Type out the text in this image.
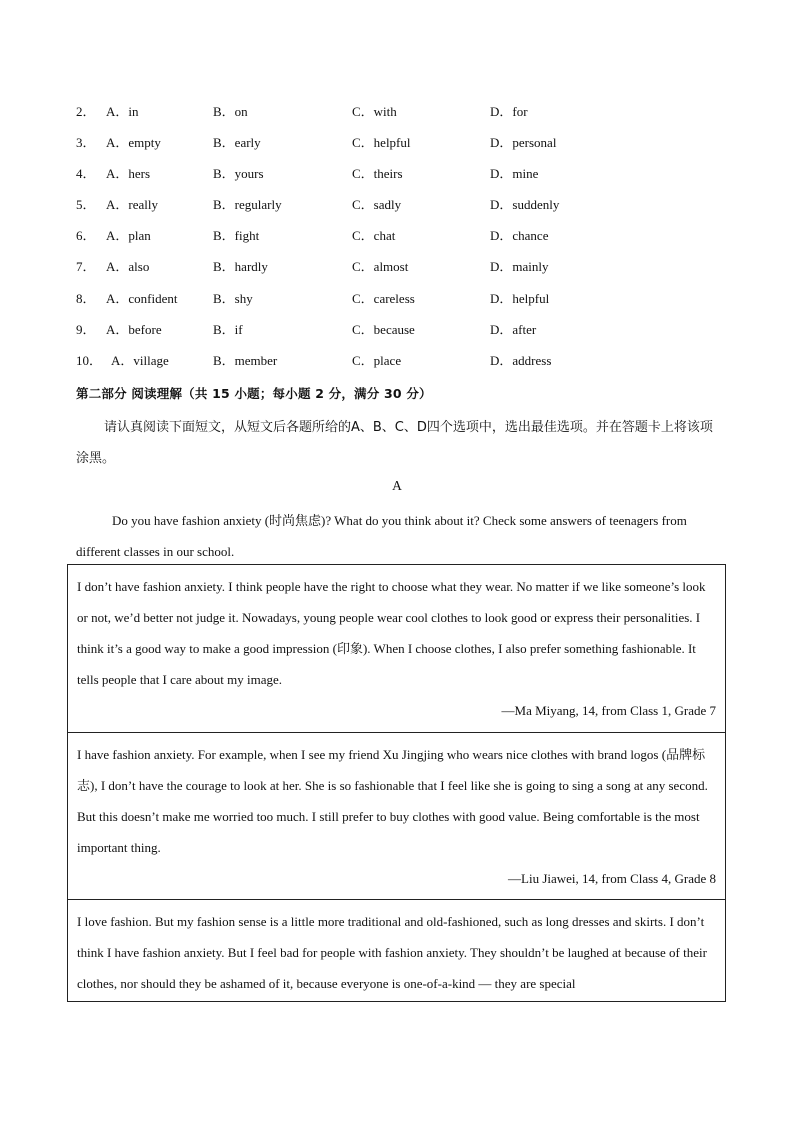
2． A．in	B．on	C．with	D．for
3． A．empty	B．early	C．helpful	D．personal
4． A．hers	B．yours	C．theirs	D．mine
5． A．really	B．regularly	C．sadly	D．suddenly
6． A．plan	B．fight	C．chat	D．chance
7． A．also	B．hardly	C．almost	D．mainly
8． A．confident	B．shy	C．careless	D．helpful
9． A．before	B．if	C．because	D．after
10． A．village	B．member	C．place	D．address
第二部分 阅读理解（共 15 小题；每小题 2 分，满分 30 分）
请认真阅读下面短文，从短文后各题所给的A、B、C、D四个选项中，选出最佳选项。并在答题卡上将该项涂黑。
A
Do you have fashion anxiety (时尚焦虑)? What do you think about it? Check some answers of teenagers from different classes in our school.
I don’t have fashion anxiety. I think people have the right to choose what they wear. No matter if we like someone’s look or not, we’d better not judge it. Nowadays, young people wear cool clothes to look good or express their personalities. I think it’s a good way to make a good impression (印象). When I choose clothes, I also prefer something fashionable. It tells people that I care about my image.
—Ma Miyang, 14, from Class 1, Grade 7
I have fashion anxiety. For example, when I see my friend Xu Jingjing who wears nice clothes with brand logos (品牌标志), I don’t have the courage to look at her. She is so fashionable that I feel like she is going to sing a song at any second. But this doesn’t make me worried too much. I still prefer to buy clothes with good value. Being comfortable is the most important thing.
—Liu Jiawei, 14, from Class 4, Grade 8
I love fashion. But my fashion sense is a little more traditional and old-fashioned, such as long dresses and skirts. I don’t think I have fashion anxiety. But I feel bad for people with fashion anxiety. They shouldn’t be laughed at because of their clothes, nor should they be ashamed of it, because everyone is one-of-a-kind — they are special
